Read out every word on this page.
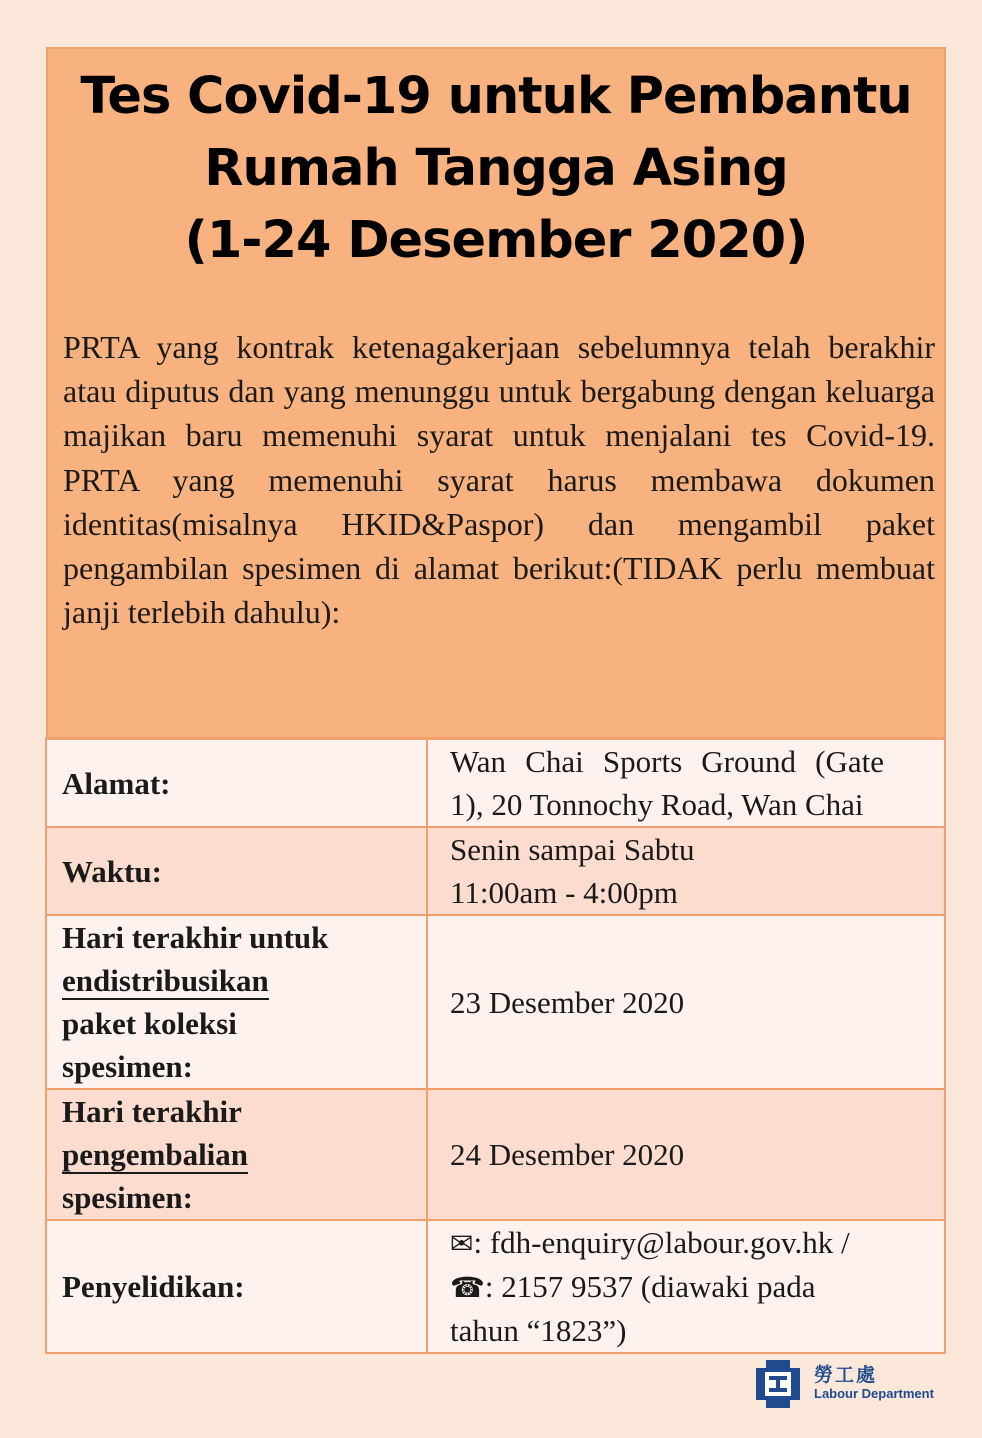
Tes Covid-19 untuk Pembantu
Rumah Tangga Asing
(1-24 Desember 2020)

PRTA yang kontrak ketenagakerjaan sebelumnya telah berakhir atau diputus dan yang menunggu untuk bergabung dengan keluarga majikan baru memenuhi syarat untuk menjalani tes Covid-19. PRTA yang memenuhi syarat harus membawa dokumen identitas(misalnya HKID&Paspor) dan mengambil paket pengambilan spesimen di alamat berikut:(TIDAK perlu membuat janji terlebih dahulu):

Alamat:	Wan Chai Sports Ground (Gate
1), 20 Tonnochy Road, Wan Chai

Waktu:	Senin sampai Sabtu
11:00am - 4:00pm

Hari terakhir untuk
endistribusikan
paket koleksi
spesimen:	23 Desember 2020

Hari terakhir
pengembalian
spesimen:	24 Desember 2020
Penyelidikan:	✉: fdh-enquiry@labour.gov.hk /
☎: 2157 9537 (diawaki pada
tahun “1823”)
勞工處
Labour Department
